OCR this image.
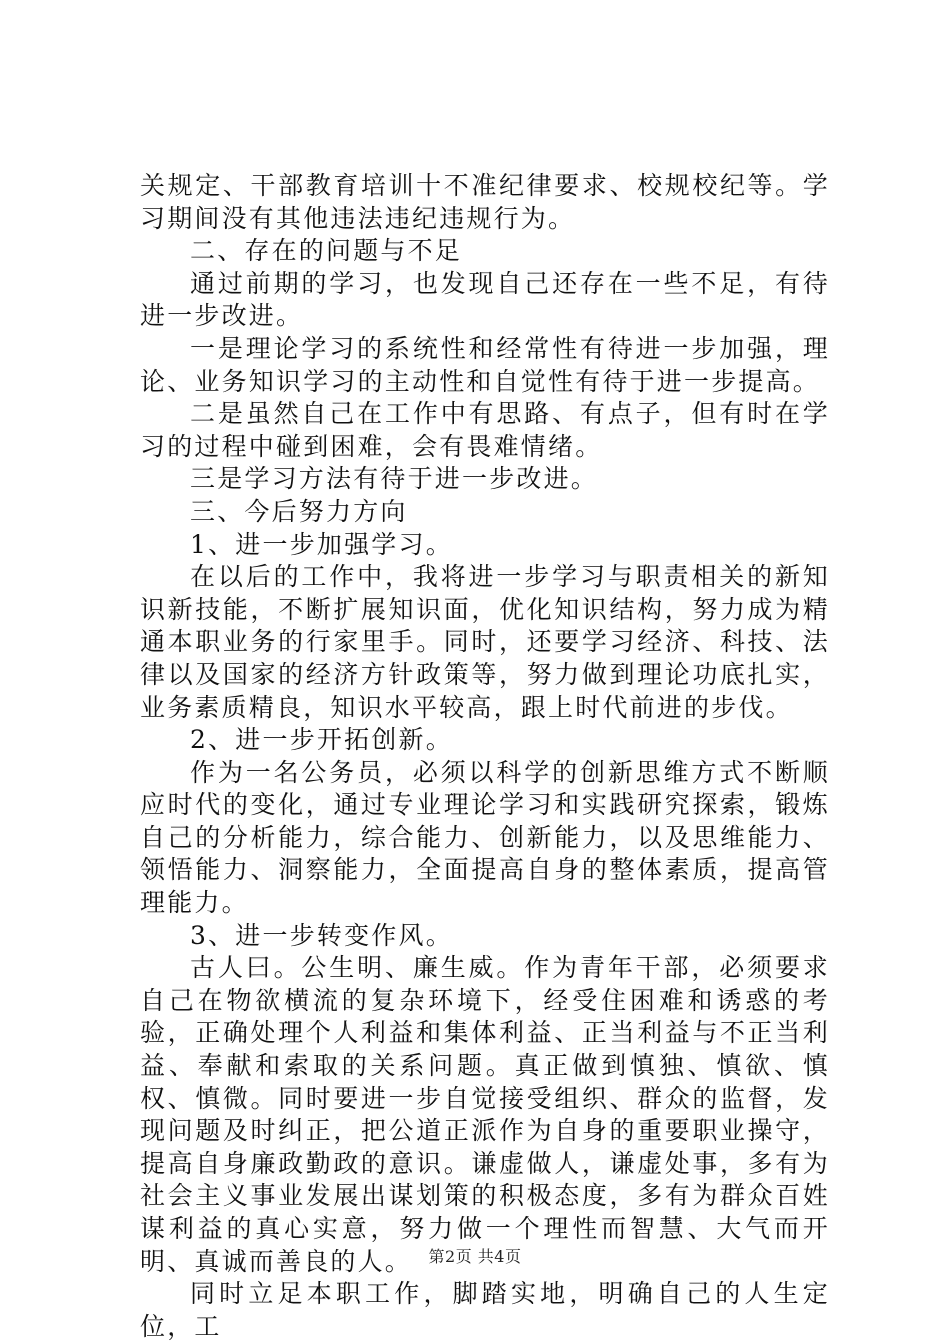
关规定、干部教育培训十不准纪律要求、校规校纪等。学习期间没有其他违法违纪违规行为。

二、存在的问题与不足

通过前期的学习，也发现自己还存在一些不足，有待进一步改进。

一是理论学习的系统性和经常性有待进一步加强，理论、业务知识学习的主动性和自觉性有待于进一步提高。

二是虽然自己在工作中有思路、有点子，但有时在学习的过程中碰到困难，会有畏难情绪。

三是学习方法有待于进一步改进。

三、今后努力方向

1、进一步加强学习。

在以后的工作中，我将进一步学习与职责相关的新知识新技能，不断扩展知识面，优化知识结构，努力成为精通本职业务的行家里手。同时，还要学习经济、科技、法律以及国家的经济方针政策等，努力做到理论功底扎实，业务素质精良，知识水平较高，跟上时代前进的步伐。

2、进一步开拓创新。

作为一名公务员，必须以科学的创新思维方式不断顺应时代的变化，通过专业理论学习和实践研究探索，锻炼自己的分析能力，综合能力、创新能力，以及思维能力、领悟能力、洞察能力，全面提高自身的整体素质，提高管理能力。

3、进一步转变作风。

古人曰。公生明、廉生威。作为青年干部，必须要求自己在物欲横流的复杂环境下，经受住困难和诱惑的考验，正确处理个人利益和集体利益、正当利益与不正当利益、奉献和索取的关系问题。真正做到慎独、慎欲、慎权、慎微。同时要进一步自觉接受组织、群众的监督，发现问题及时纠正，把公道正派作为自身的重要职业操守，提高自身廉政勤政的意识。谦虚做人，谦虚处事，多有为社会主义事业发展出谋划策的积极态度，多有为群众百姓谋利益的真心实意，努力做一个理性而智慧、大气而开明、真诚而善良的人。

同时立足本职工作，脚踏实地，明确自己的人生定位，工

第2页 共4页
